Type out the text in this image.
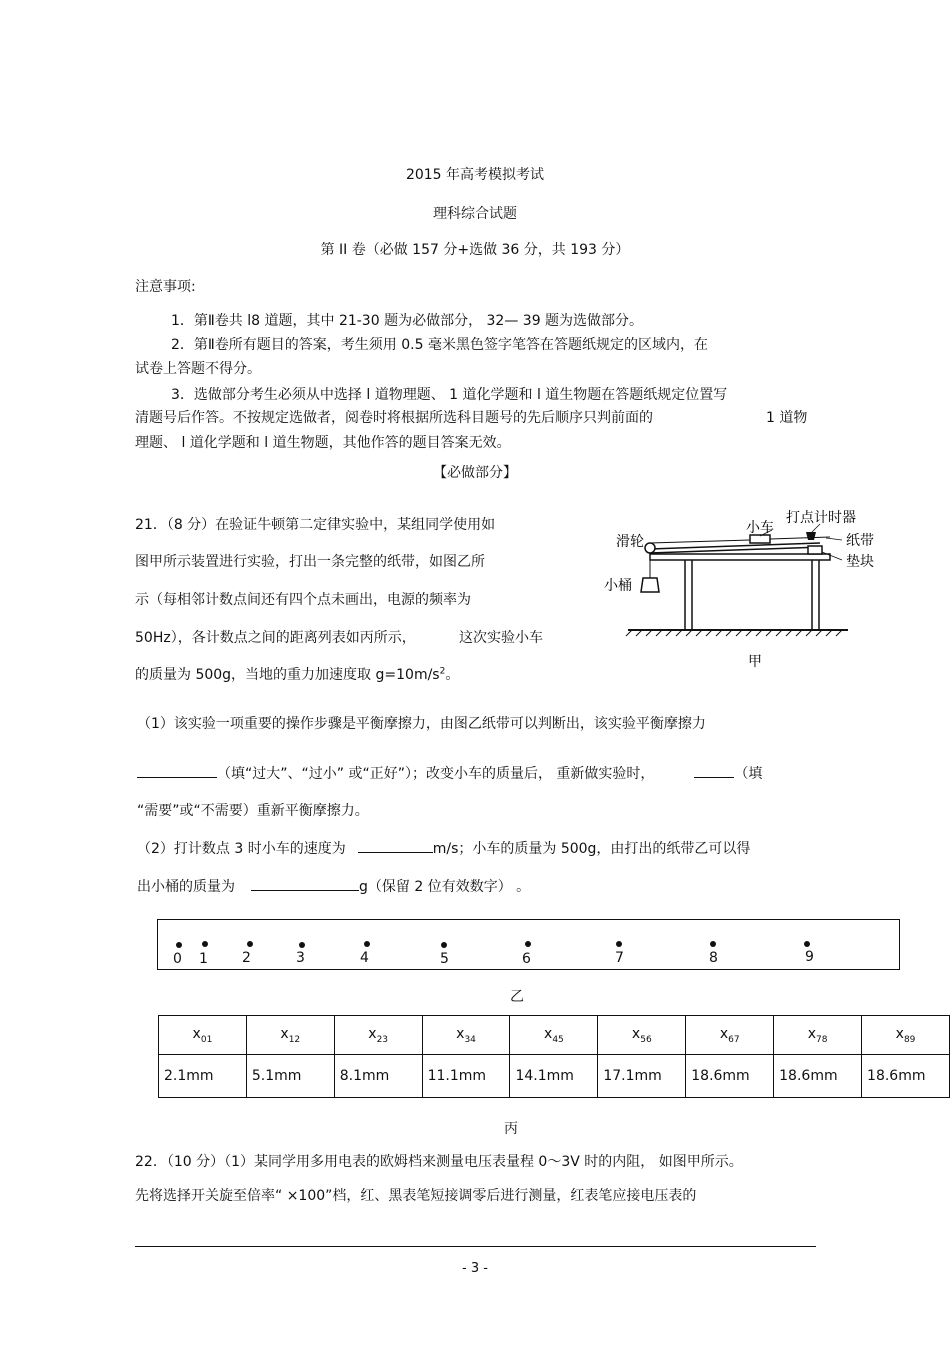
2015 年高考模拟考试
理科综合试题
第 II 卷（必做 157 分+选做 36 分，共 193 分）
注意事项:
1．第Ⅱ卷共 l8 道题，其中 21-30 题为必做部分， 32— 39 题为选做部分。
2．第Ⅱ卷所有题目的答案，考生须用 0.5 毫米黑色签字笔答在答题纸规定的区域内，在
试卷上答题不得分。
3．选做部分考生必须从中选择 l 道物理题、 1 道化学题和 l 道生物题在答题纸规定位置写
清题号后作答。不按规定选做者，阅卷时将根据所选科目题号的先后顺序只判前面的	1 道物
理题、 l 道化学题和 l 道生物题，其他作答的题目答案无效。
【必做部分】
21．（8 分）在验证牛顿第二定律实验中，某组同学使用如
图甲所示装置进行实验，打出一条完整的纸带，如图乙所
示（每相邻计数点间还有四个点未画出，电源的频率为
50Hz），各计数点之间的距离列表如丙所示，	这次实验小车
的质量为 500g，当地的重力加速度取 $g=10m/s^2$。
滑轮
小车
打点计时器
纸带
垫块
小桶
甲
（1）该实验一项重要的操作步骤是平衡摩擦力，由图乙纸带可以判断出，该实验平衡摩擦力
（填“过大”、“过小” 或“正好”）；改变小车的质量后， 重新做实验时，	（填
“需要”或“不需要）重新平衡摩擦力。
（2）打计数点 3 时小车的速度为	m/s；小车的质量为 500g，由打出的纸带乙可以得
出小桶的质量为	g（保留 2 位有效数字） 。
0 1 2	3	4	5	6	7	8	9
乙
$x_{01}$	$x_{12}$	$x_{23}$	$x_{34}$	$x_{45}$	$x_{56}$	$x_{67}$	$x_{78}$	$x_{89}$
2.1mm	5.1mm	8.1mm	11.1mm	14.1mm	17.1mm	18.6mm	18.6mm	18.6mm
丙
22．（10 分）（1）某同学用多用电表的欧姆档来测量电压表量程 0～3V 时的内阻， 如图甲所示。
先将选择开关旋至倍率“ ×100”档，红、黑表笔短接调零后进行测量，红表笔应接电压表的
- 3 -
